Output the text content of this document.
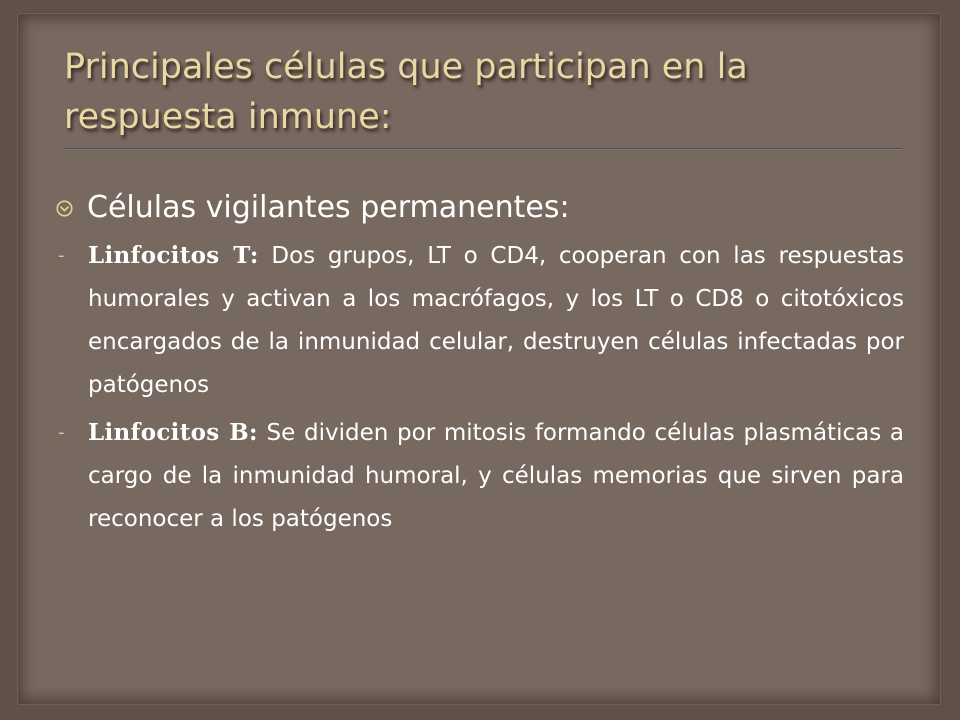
Principales células que participan en la respuesta inmune:
Células vigilantes permanentes:
- Linfocitos T: Dos grupos, LT o CD4, cooperan con las respuestas humorales y activan a los macrófagos, y los LT o CD8 o citotóxicos encargados de la inmunidad celular, destruyen células infectadas por patógenos
- Linfocitos B: Se dividen por mitosis formando células plasmáticas a cargo de la inmunidad humoral, y células memorias que sirven para reconocer a los patógenos
